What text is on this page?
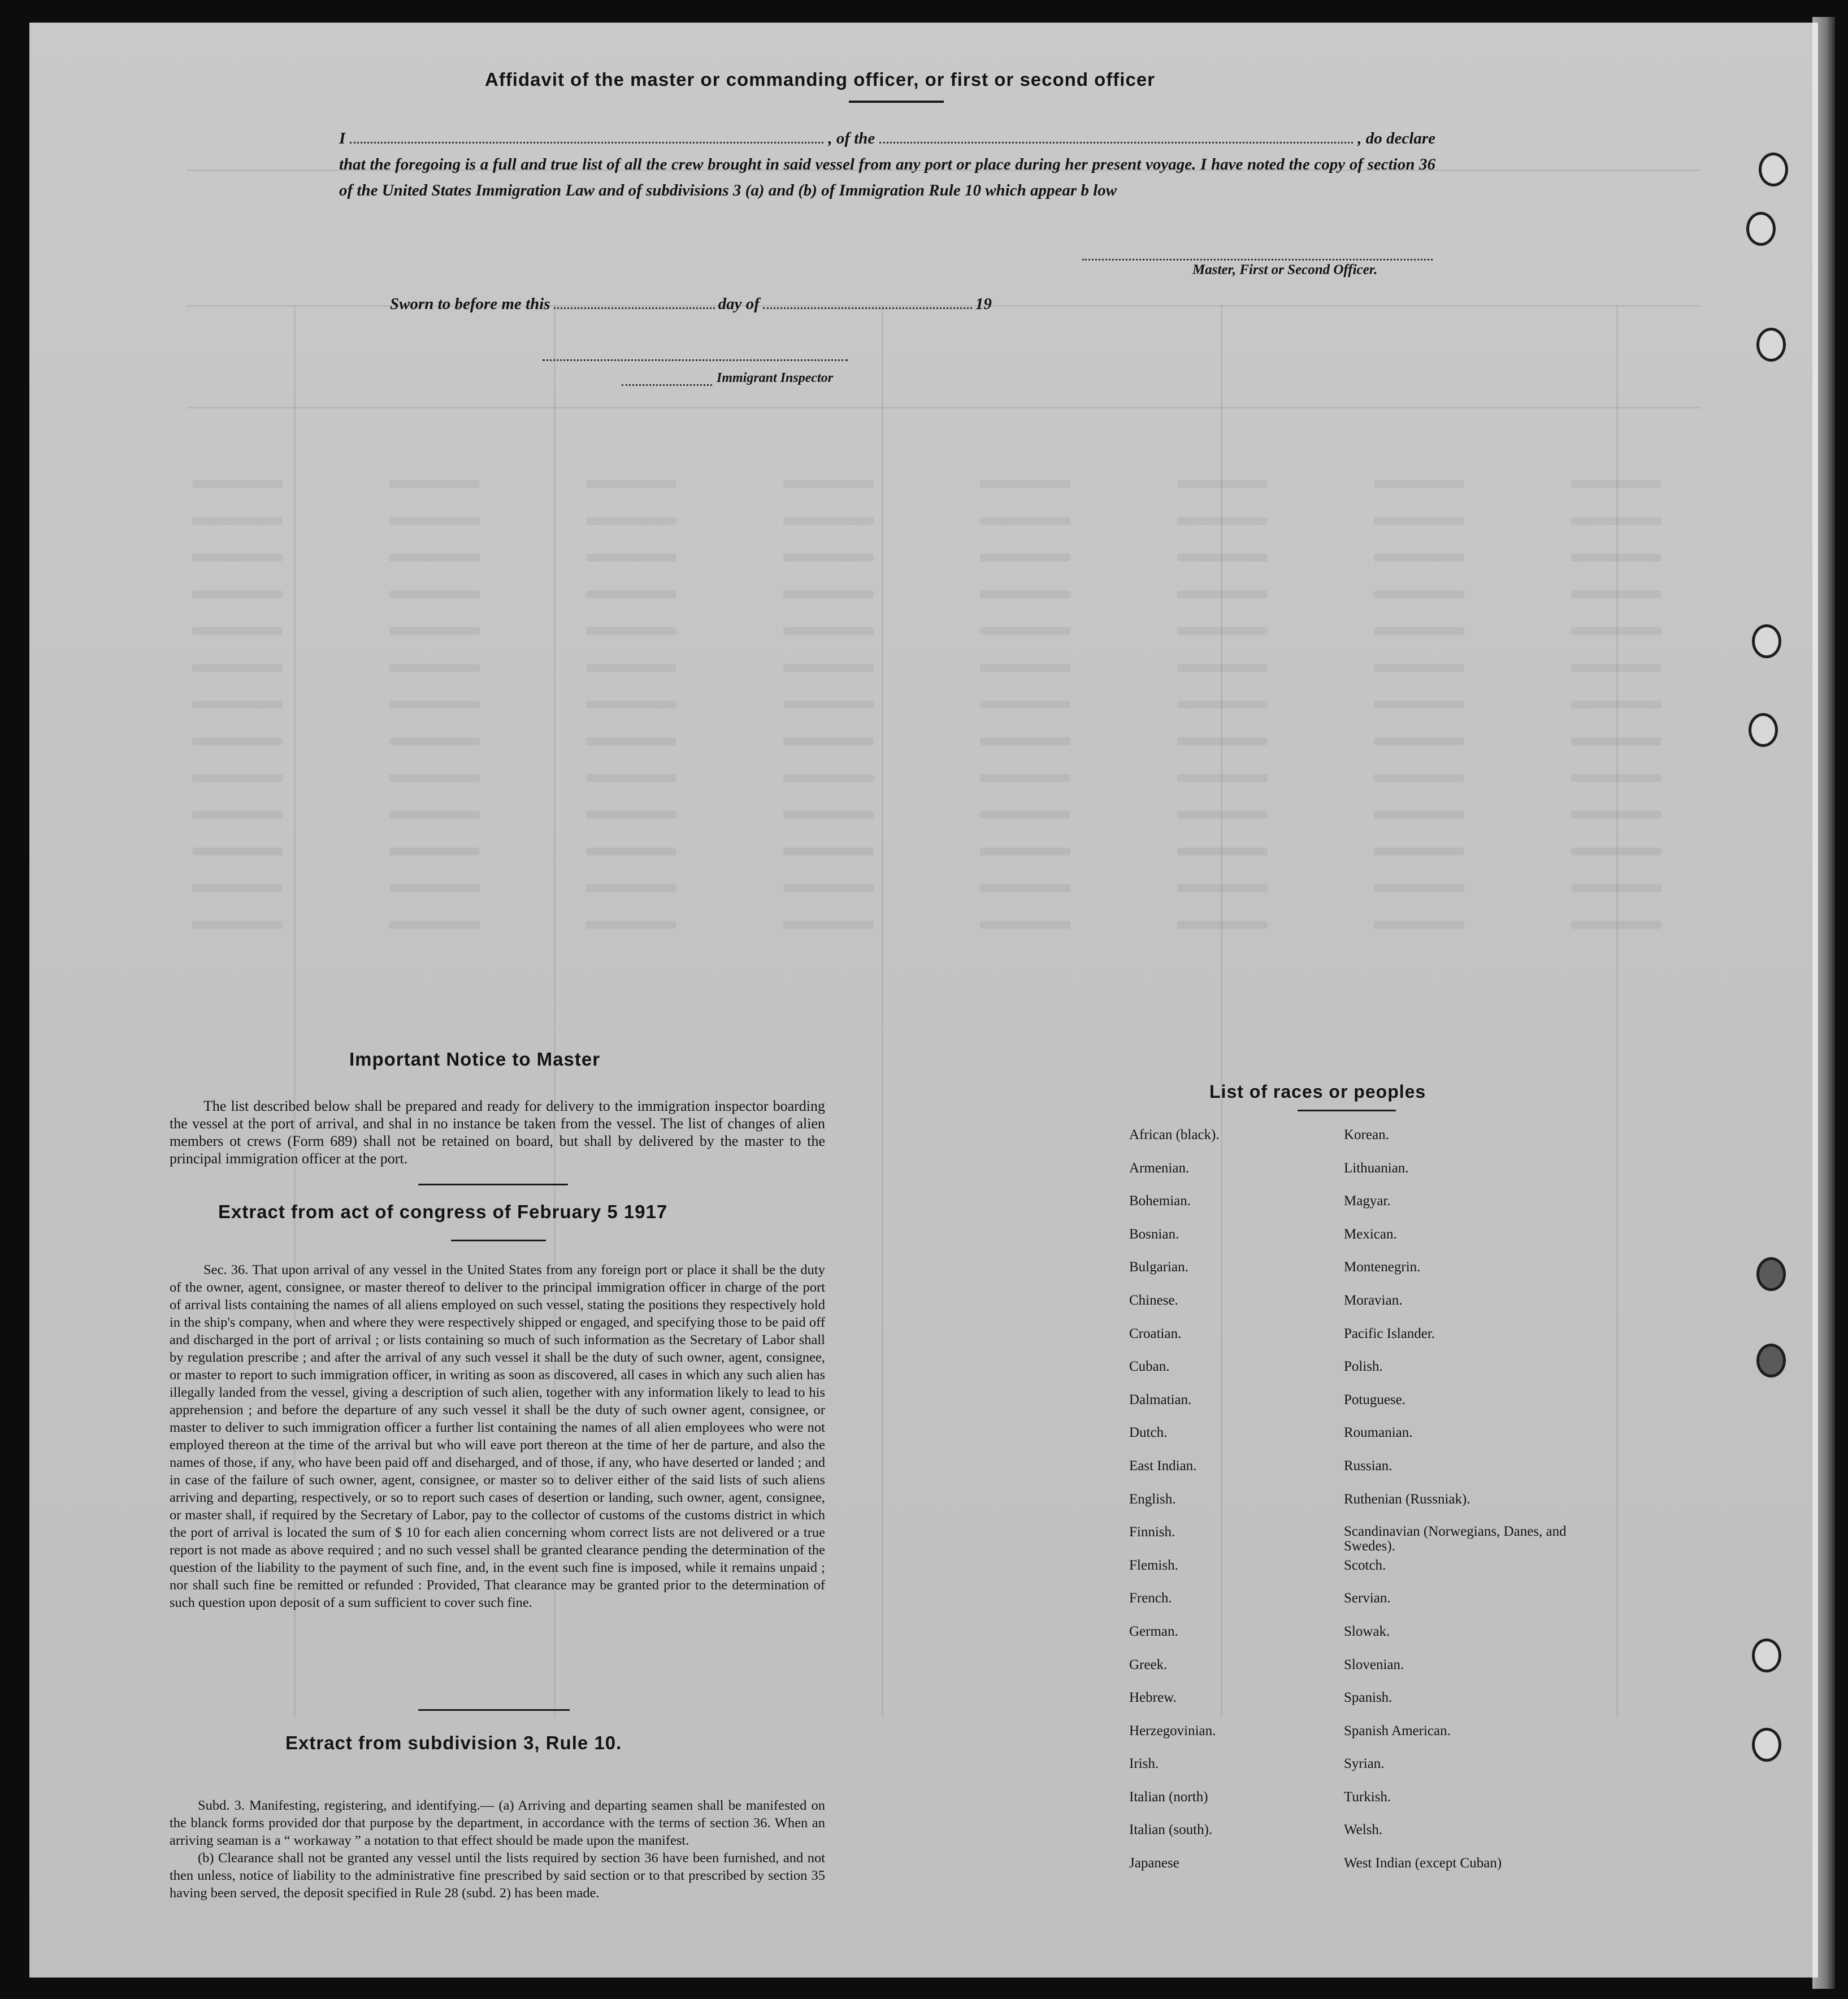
Affidavit of the master or commanding officer, or first or second officer
I	, of the	, do declare
that the foregoing is a full and true list of all the crew brought in said vessel from any port or place during her present voyage. I have noted the copy of section 36 of the United States Immigration Law and of subdivisions 3 (a) and (b) of Immigration Rule 10 which appear b low
Master, First or Second Officer.
Sworn to before me this	day of	19
Immigrant Inspector
Important Notice to Master

The list described below shall be prepared and ready for delivery to the immigration inspector boarding the vessel at the port of arrival, and shal in no instance be taken from the vessel. The list of changes of alien members ot crews (Form 689) shall not be retained on board, but shall by delivered by the master to the principal immigration officer at the port.

Extract from act of congress of February 5 1917

Sec. 36. That upon arrival of any vessel in the United States from any foreign port or place it shall be the duty of the owner, agent, consignee, or master thereof to deliver to the principal immigration officer in charge of the port of arrival lists containing the names of all aliens employed on such vessel, stating the positions they respectively hold in the ship's company, when and where they were respectively shipped or engaged, and specifying those to be paid off and discharged in the port of arrival ; or lists containing so much of such information as the Secretary of Labor shall by regulation prescribe ; and after the arrival of any such vessel it shall be the duty of such owner, agent, consignee, or master to report to such immigration officer, in writing as soon as discovered, all cases in which any such alien has illegally landed from the vessel, giving a description of such alien, together with any information likely to lead to his apprehension ; and before the departure of any such vessel it shall be the duty of such owner agent, consignee, or master to deliver to such immigration officer a further list containing the names of all alien employees who were not employed thereon at the time of the arrival but who will eave port thereon at the time of her de parture, and also the names of those, if any, who have been paid off and diseharged, and of those, if any, who have deserted or landed ; and in case of the failure of such owner, agent, consignee, or master so to deliver either of the said lists of such aliens arriving and departing, respectively, or so to report such cases of desertion or landing, such owner, agent, consignee, or master shall, if required by the Secretary of Labor, pay to the collector of customs of the customs district in which the port of arrival is located the sum of $ 10 for each alien concerning whom correct lists are not delivered or a true report is not made as above required ; and no such vessel shall be granted clearance pending the determination of the question of the liability to the payment of such fine, and, in the event such fine is imposed, while it remains unpaid ; nor shall such fine be remitted or refunded : Provided, That clearance may be granted prior to the determination of such question upon deposit of a sum sufficient to cover such fine.

Extract from subdivision 3, Rule 10.

Subd. 3. Manifesting, registering, and identifying.— (a) Arriving and departing seamen shall be manifested on the blanck forms provided dor that purpose by the department, in accordance with the terms of section 36. When an arriving seaman is a “ workaway ” a notation to that effect should be made upon the manifest.

(b) Clearance shall not be granted any vessel until the lists required by section 36 have been furnished, and not then unless, notice of liability to the administrative fine prescribed by said section or to that prescribed by section 35 having been served, the deposit specified in Rule 28 (subd. 2) has been made.

List of races or peoples
African (black).	Korean.
Armenian.	Lithuanian.
Bohemian.	Magyar.
Bosnian.	Mexican.
Bulgarian.	Montenegrin.
Chinese.	Moravian.
Croatian.	Pacific Islander.
Cuban.	Polish.
Dalmatian.	Potuguese.
Dutch.	Roumanian.
East Indian.	Russian.
English.	Ruthenian (Russniak).
Finnish.	Scandinavian (Norwegians, Danes, and Swedes).
Flemish.	Scotch.
French.	Servian.
German.	Slowak.
Greek.	Slovenian.
Hebrew.	Spanish.
Herzegovinian.	Spanish American.
Irish.	Syrian.
Italian (north)	Turkish.
Italian (south).	Welsh.
Japanese	West Indian (except Cuban)
